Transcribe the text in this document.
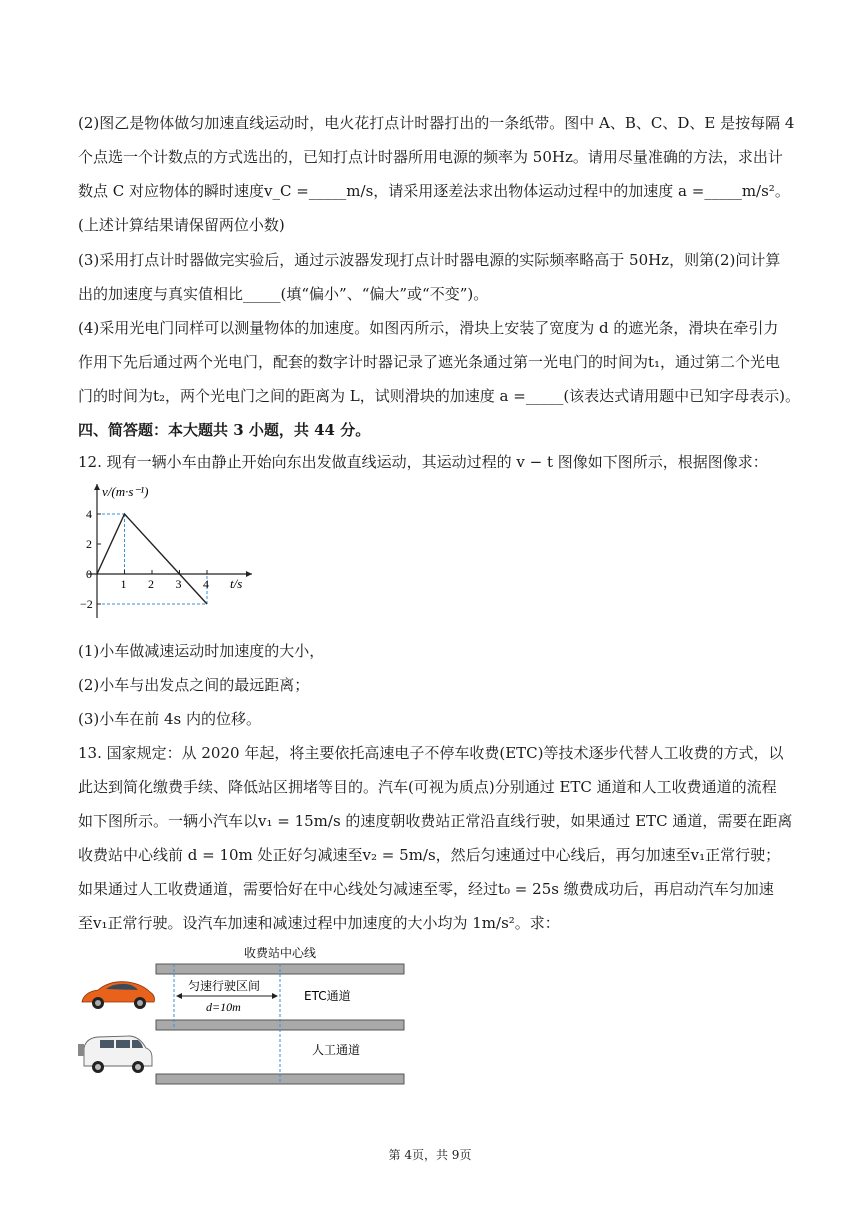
(2)图乙是物体做匀加速直线运动时，电火花打点计时器打出的一条纸带。图中 A、B、C、D、E 是按每隔 4
个点选一个计数点的方式选出的，已知打点计时器所用电源的频率为 50Hz。请用尽量准确的方法，求出计
数点 C 对应物体的瞬时速度v_C =_____m/s，请采用逐差法求出物体运动过程中的加速度 a =_____m/s²。
(上述计算结果请保留两位小数)
(3)采用打点计时器做完实验后，通过示波器发现打点计时器电源的实际频率略高于 50Hz，则第(2)问计算
出的加速度与真实值相比_____(填“偏小”、“偏大”或“不变”)。
(4)采用光电门同样可以测量物体的加速度。如图丙所示，滑块上安装了宽度为 d 的遮光条，滑块在牵引力
作用下先后通过两个光电门，配套的数字计时器记录了遮光条通过第一光电门的时间为t₁，通过第二个光电
门的时间为t₂，两个光电门之间的距离为 L，试则滑块的加速度 a =_____(该表达式请用题中已知字母表示)。
四、简答题：本大题共 3 小题，共 44 分。
12. 现有一辆小车由静止开始向东出发做直线运动，其运动过程的 v − t 图像如下图所示，根据图像求：
v/(m·s⁻¹)
t/s
1 2 3 4
4
2
0
−2
(1)小车做减速运动时加速度的大小，
(2)小车与出发点之间的最远距离；
(3)小车在前 4s 内的位移。
13. 国家规定：从 2020 年起，将主要依托高速电子不停车收费(ETC)等技术逐步代替人工收费的方式，以
此达到简化缴费手续、降低站区拥堵等目的。汽车(可视为质点)分别通过 ETC 通道和人工收费通道的流程
如下图所示。一辆小汽车以v₁ = 15m/s 的速度朝收费站正常沿直线行驶，如果通过 ETC 通道，需要在距离
收费站中心线前 d = 10m 处正好匀减速至v₂ = 5m/s，然后匀速通过中心线后，再匀加速至v₁正常行驶；
如果通过人工收费通道，需要恰好在中心线处匀减速至零，经过t₀ = 25s 缴费成功后，再启动汽车匀加速
至v₁正常行驶。设汽车加速和减速过程中加速度的大小均为 1m/s²。求：
收费站中心线
匀速行驶区间
d=10m
ETC通道
人工通道
第 4页，共 9页
